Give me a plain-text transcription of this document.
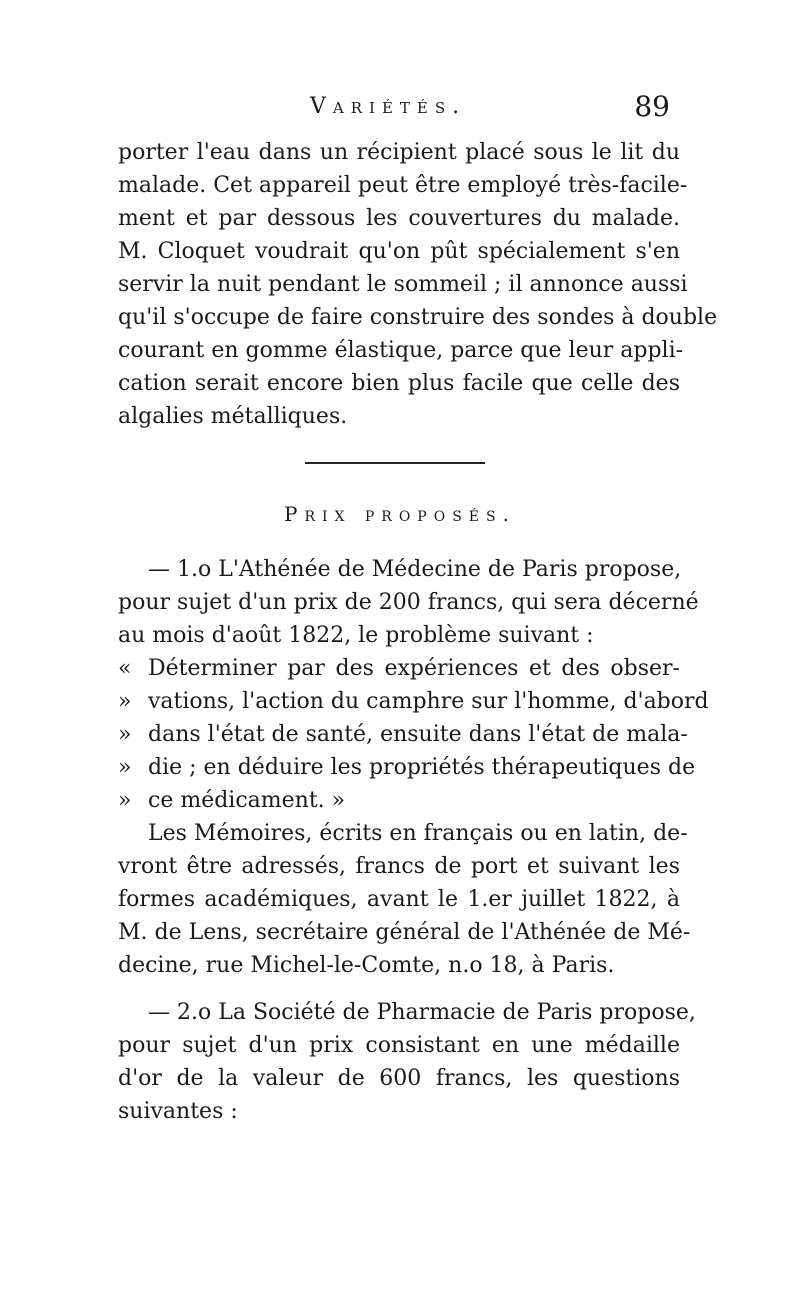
Variétés.	89
porter l'eau dans un récipient placé sous le lit du
malade. Cet appareil peut être employé très-facile-
ment et par dessous les couvertures du malade.
M. Cloquet voudrait qu'on pût spécialement s'en
servir la nuit pendant le sommeil ; il annonce aussi
qu'il s'occupe de faire construire des sondes à double
courant en gomme élastique, parce que leur appli-
cation serait encore bien plus facile que celle des
algalies métalliques.
Prix proposés.
— 1.o L'Athénée de Médecine de Paris propose,
pour sujet d'un prix de 200 francs, qui sera décerné
au mois d'août 1822, le problème suivant :
« Déterminer par des expériences et des obser-
» vations, l'action du camphre sur l'homme, d'abord
» dans l'état de santé, ensuite dans l'état de mala-
» die ; en déduire les propriétés thérapeutiques de
» ce médicament. »
Les Mémoires, écrits en français ou en latin, de-
vront être adressés, francs de port et suivant les
formes académiques, avant le 1.er juillet 1822, à
M. de Lens, secrétaire général de l'Athénée de Mé-
decine, rue Michel-le-Comte, n.o 18, à Paris.
— 2.o La Société de Pharmacie de Paris propose,
pour sujet d'un prix consistant en une médaille
d'or de la valeur de 600 francs, les questions
suivantes :
